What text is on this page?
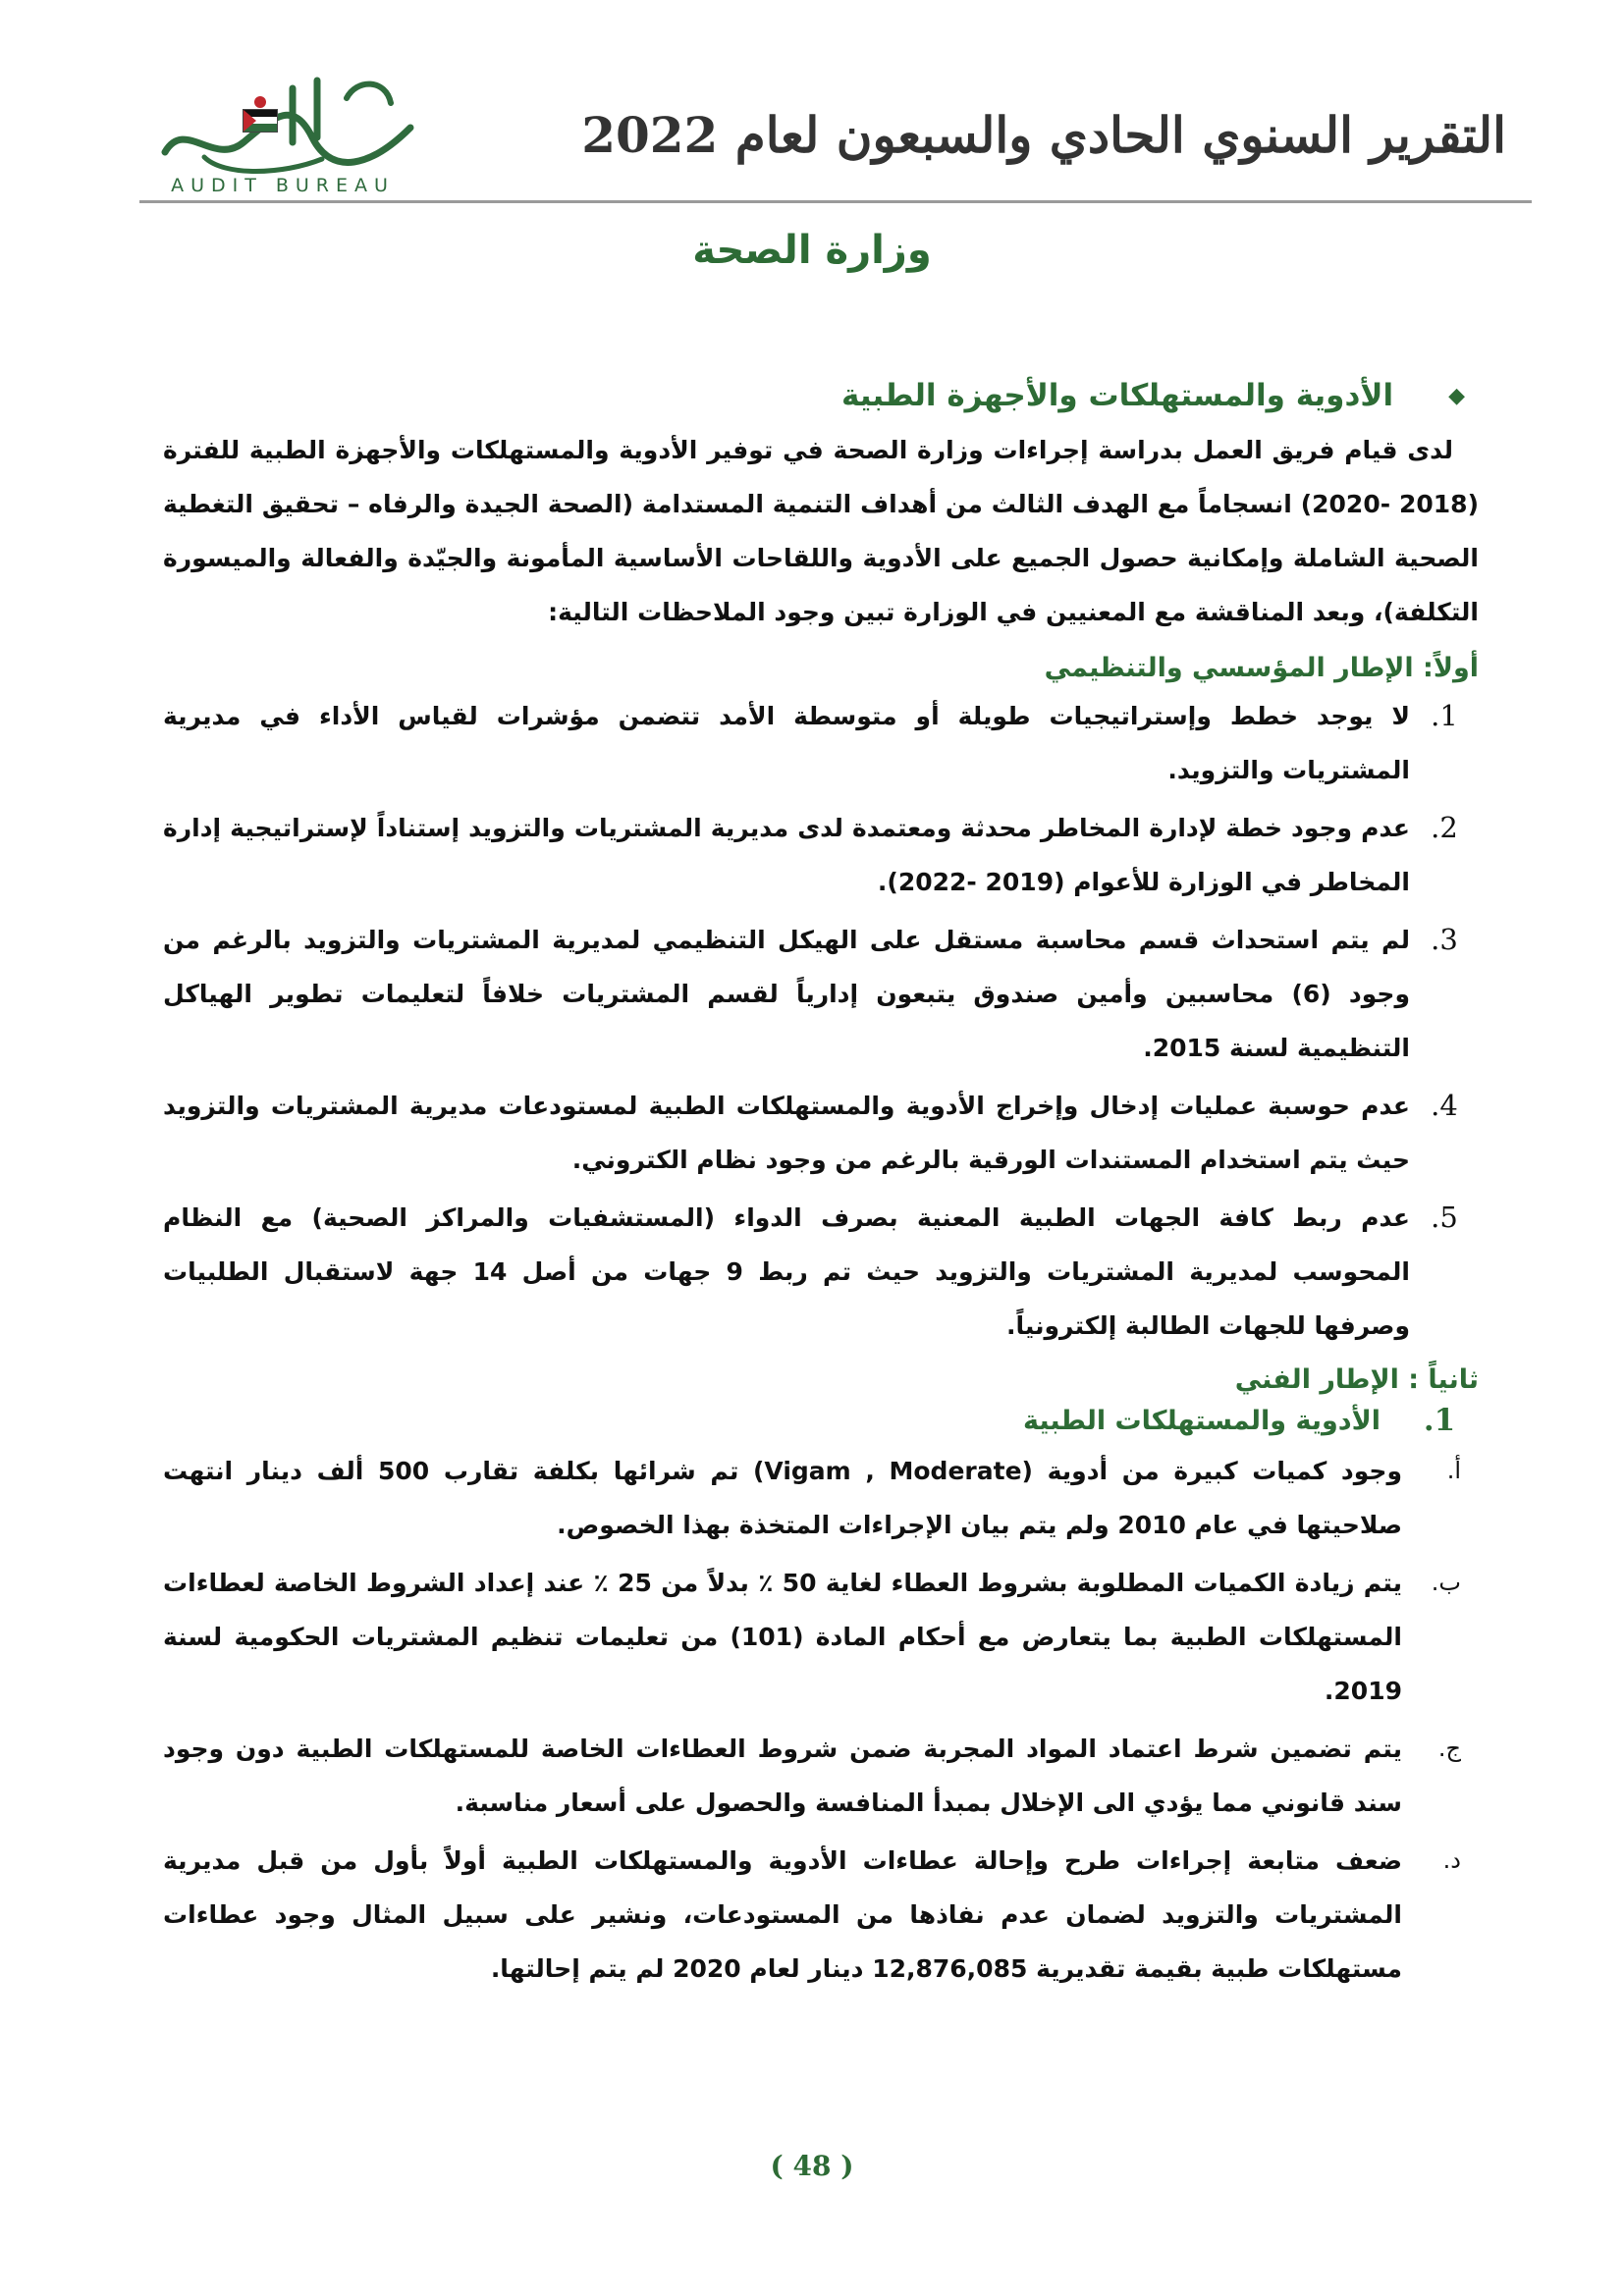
AUDIT BUREAU
التقرير السنوي الحادي والسبعون لعام 2022
وزارة الصحة
◆
الأدوية والمستهلكات والأجهزة الطبية

لدى قيام فريق العمل بدراسة إجراءات وزارة الصحة في توفير الأدوية والمستهلكات والأجهزة الطبية للفترة (2018 -2020) انسجاماً مع الهدف الثالث من أهداف التنمية المستدامة (الصحة الجيدة والرفاه – تحقيق التغطية الصحية الشاملة وإمكانية حصول الجميع على الأدوية واللقاحات الأساسية المأمونة والجيّدة والفعالة والميسورة التكلفة)، وبعد المناقشة مع المعنيين في الوزارة تبين وجود الملاحظات التالية:

أولاً: الإطار المؤسسي والتنظيمي
1.
لا يوجد خطط وإستراتيجيات طويلة أو متوسطة الأمد تتضمن مؤشرات لقياس الأداء في مديرية المشتريات والتزويد.
2.
عدم وجود خطة لإدارة المخاطر محدثة ومعتمدة لدى مديرية المشتريات والتزويد إستناداً لإستراتيجية إدارة المخاطر في الوزارة للأعوام (2019 -2022).
3.
لم يتم استحداث قسم محاسبة مستقل على الهيكل التنظيمي لمديرية المشتريات والتزويد بالرغم من وجود (6) محاسبين وأمين صندوق يتبعون إدارياً لقسم المشتريات خلافاً لتعليمات تطوير الهياكل التنظيمية لسنة 2015.
4.
عدم حوسبة عمليات إدخال وإخراج الأدوية والمستهلكات الطبية لمستودعات مديرية المشتريات والتزويد حيث يتم استخدام المستندات الورقية بالرغم من وجود نظام الكتروني.
5.
عدم ربط كافة الجهات الطبية المعنية بصرف الدواء (المستشفيات والمراكز الصحية) مع النظام المحوسب لمديرية المشتريات والتزويد حيث تم ربط 9 جهات من أصل 14 جهة لاستقبال الطلبيات وصرفها للجهات الطالبة إلكترونياً.
ثانياً : الإطار الفني
1.
الأدوية والمستهلكات الطبية
أ.
وجود كميات كبيرة من أدوية (Vigam , Moderate) تم شرائها بكلفة تقارب 500 ألف دينار انتهت صلاحيتها في عام 2010 ولم يتم بيان الإجراءات المتخذة بهذا الخصوص.
ب.
يتم زيادة الكميات المطلوبة بشروط العطاء لغاية 50 ٪ بدلاً من 25 ٪ عند إعداد الشروط الخاصة لعطاءات المستهلكات الطبية بما يتعارض مع أحكام المادة (101) من تعليمات تنظيم المشتريات الحكومية لسنة 2019.
ج.
يتم تضمين شرط اعتماد المواد المجربة ضمن شروط العطاءات الخاصة للمستهلكات الطبية دون وجود سند قانوني مما يؤدي الى الإخلال بمبدأ المنافسة والحصول على أسعار مناسبة.
د.
ضعف متابعة إجراءات طرح وإحالة عطاءات الأدوية والمستهلكات الطبية أولاً بأول من قبل مديرية المشتريات والتزويد لضمان عدم نفاذها من المستودعات، ونشير على سبيل المثال وجود عطاءات مستهلكات طبية بقيمة تقديرية 12,876,085 دينار لعام 2020 لم يتم إحالتها.
( 48 )
